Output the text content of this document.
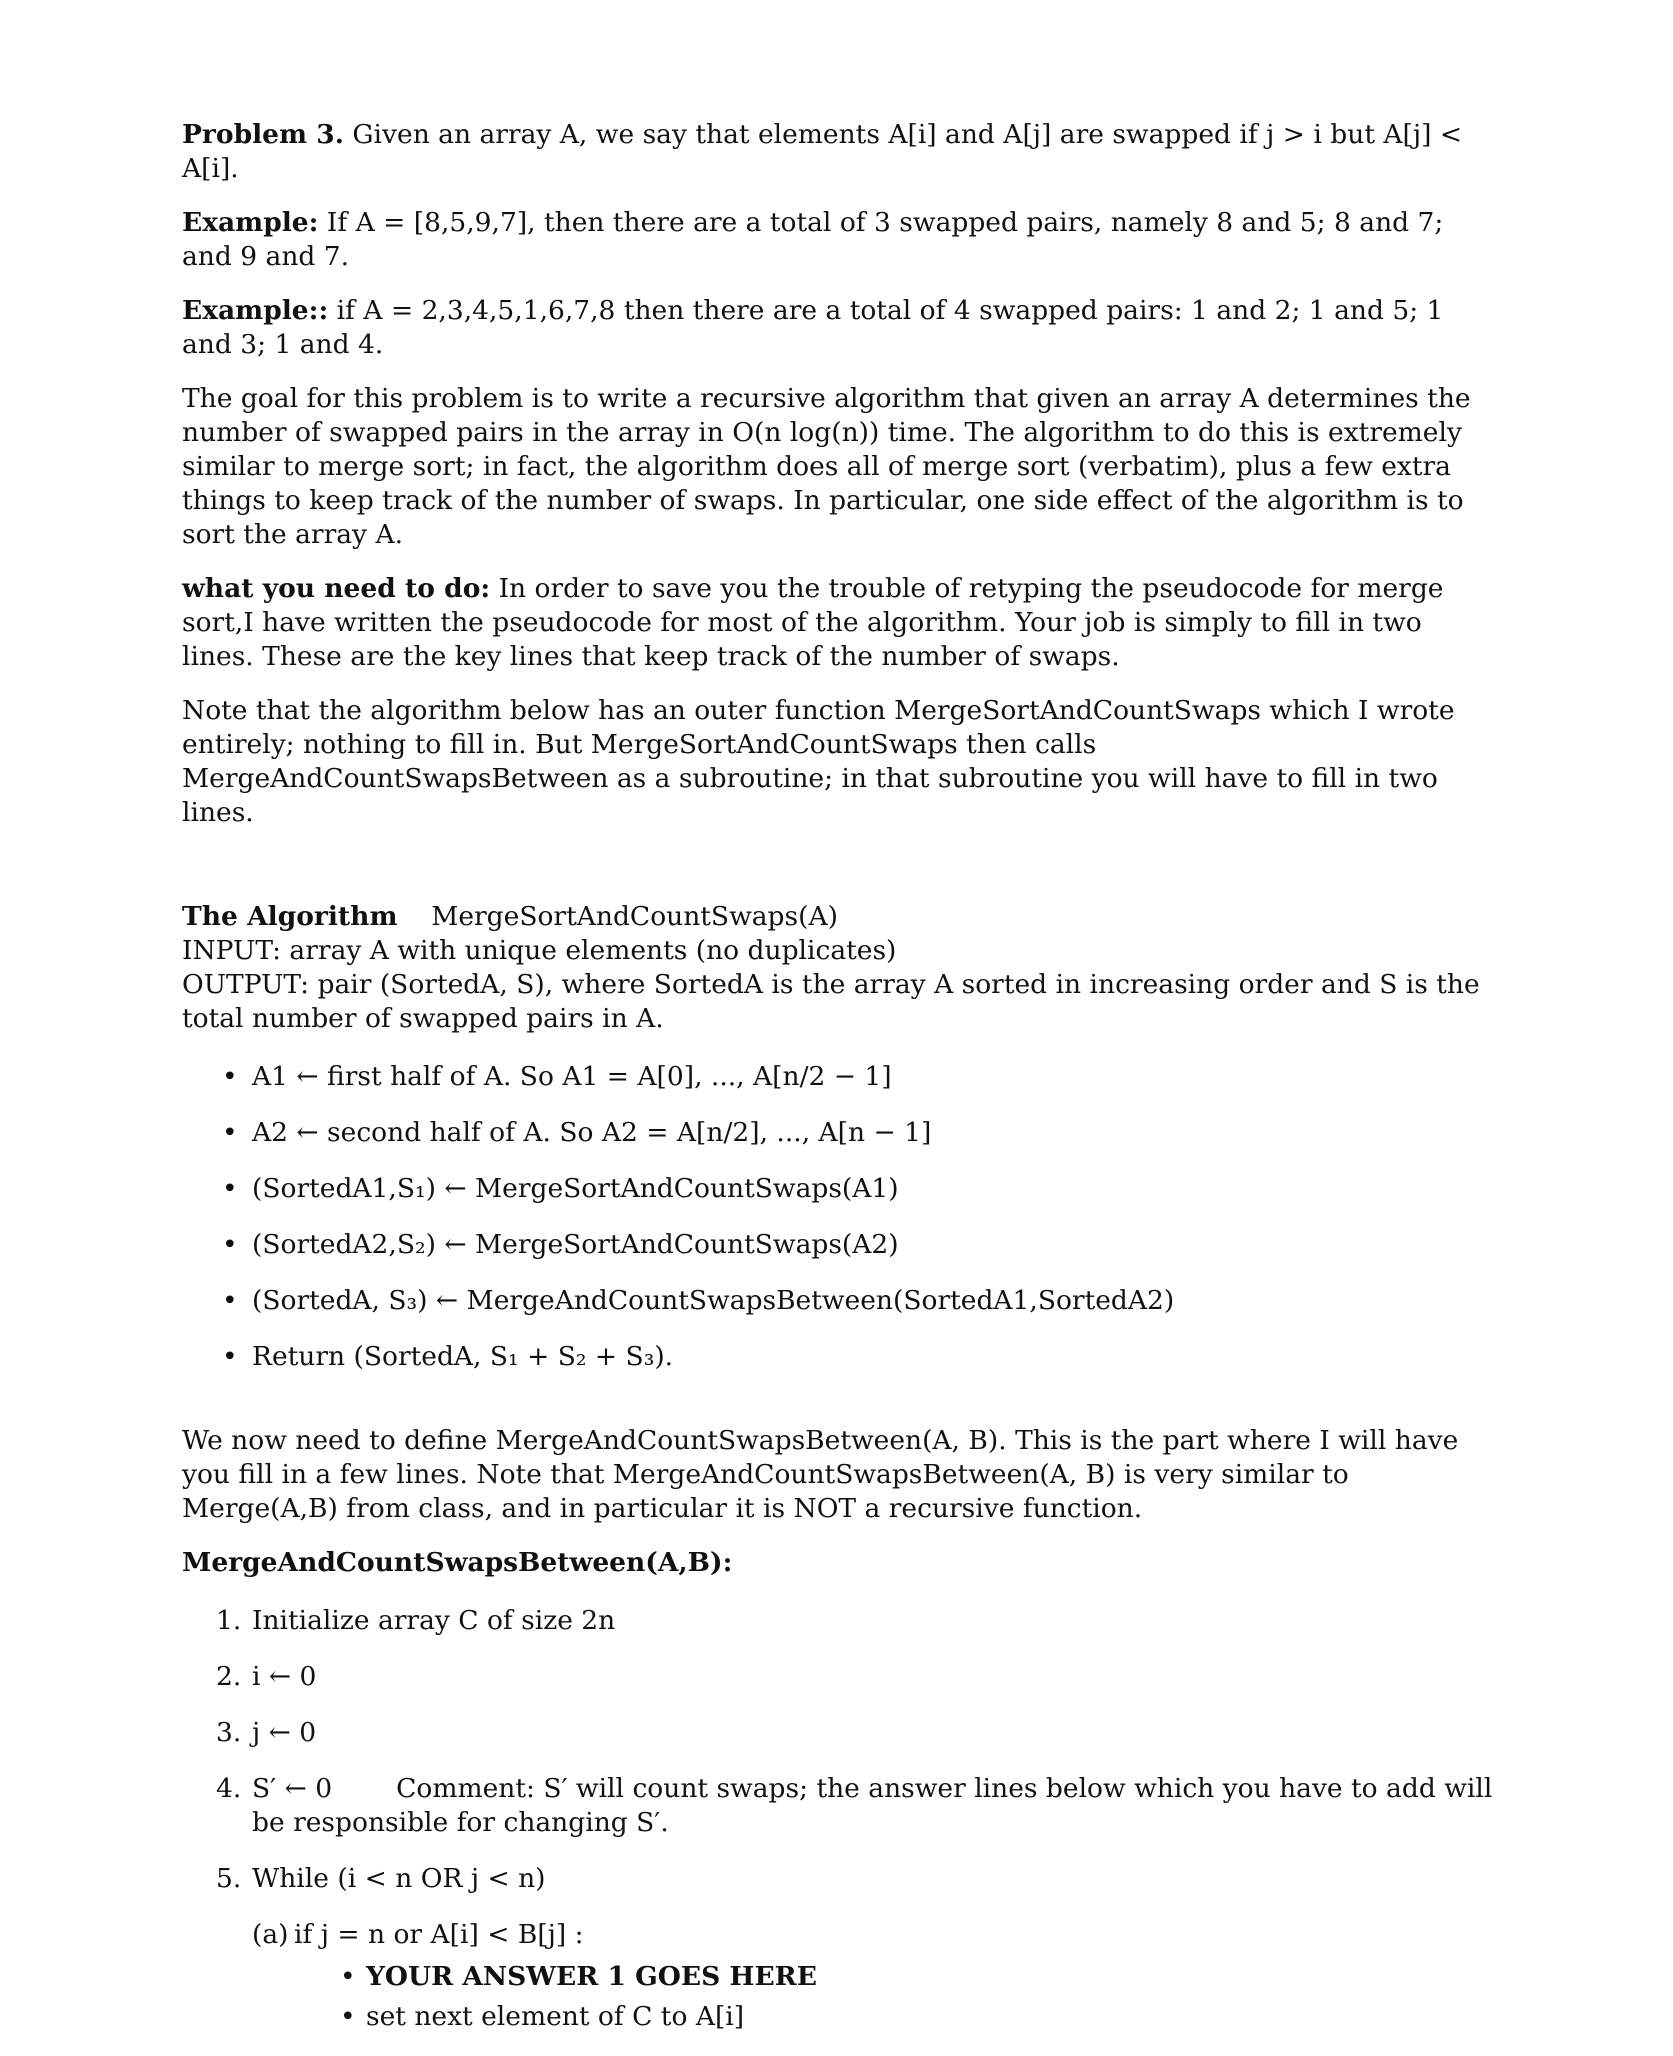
Problem 3. Given an array A, we say that elements A[i] and A[j] are swapped if j > i but A[j] < A[i].

Example: If A = [8,5,9,7], then there are a total of 3 swapped pairs, namely 8 and 5; 8 and 7; and 9 and 7.

Example:: if A = 2,3,4,5,1,6,7,8 then there are a total of 4 swapped pairs: 1 and 2; 1 and 5; 1 and 3; 1 and 4.

The goal for this problem is to write a recursive algorithm that given an array A determines the number of swapped pairs in the array in O(n log(n)) time. The algorithm to do this is extremely similar to merge sort; in fact, the algorithm does all of merge sort (verbatim), plus a few extra things to keep track of the number of swaps. In particular, one side effect of the algorithm is to sort the array A.

what you need to do: In order to save you the trouble of retyping the pseudocode for merge sort,I have written the pseudocode for most of the algorithm. Your job is simply to fill in two lines. These are the key lines that keep track of the number of swaps.

Note that the algorithm below has an outer function MergeSortAndCountSwaps which I wrote entirely; nothing to fill in. But MergeSortAndCountSwaps then calls MergeAndCountSwapsBetween as a subroutine; in that subroutine you will have to fill in two lines.

The Algorithm MergeSortAndCountSwaps(A)

INPUT: array A with unique elements (no duplicates)

OUTPUT: pair (SortedA, S), where SortedA is the array A sorted in increasing order and S is the total number of swapped pairs in A.

• A1 ← first half of A. So A1 = A[0], ..., A[n/2 − 1]
• A2 ← second half of A. So A2 = A[n/2], ..., A[n − 1]
• (SortedA1,S₁) ← MergeSortAndCountSwaps(A1)
• (SortedA2,S₂) ← MergeSortAndCountSwaps(A2)
• (SortedA, S₃) ← MergeAndCountSwapsBetween(SortedA1,SortedA2)
• Return (SortedA, S₁ + S₂ + S₃).

We now need to define MergeAndCountSwapsBetween(A, B). This is the part where I will have you fill in a few lines. Note that MergeAndCountSwapsBetween(A, B) is very similar to Merge(A,B) from class, and in particular it is NOT a recursive function.

MergeAndCountSwapsBetween(A,B):

1. Initialize array C of size 2n
2. i ← 0
3. j ← 0
4. S′ ← 0 Comment: S′ will count swaps; the answer lines below which you have to add will be responsible for changing S′.
5. While (i < n OR j < n)
(a) if j = n or A[i] < B[j] :
• YOUR ANSWER 1 GOES HERE
• set next element of C to A[i]
